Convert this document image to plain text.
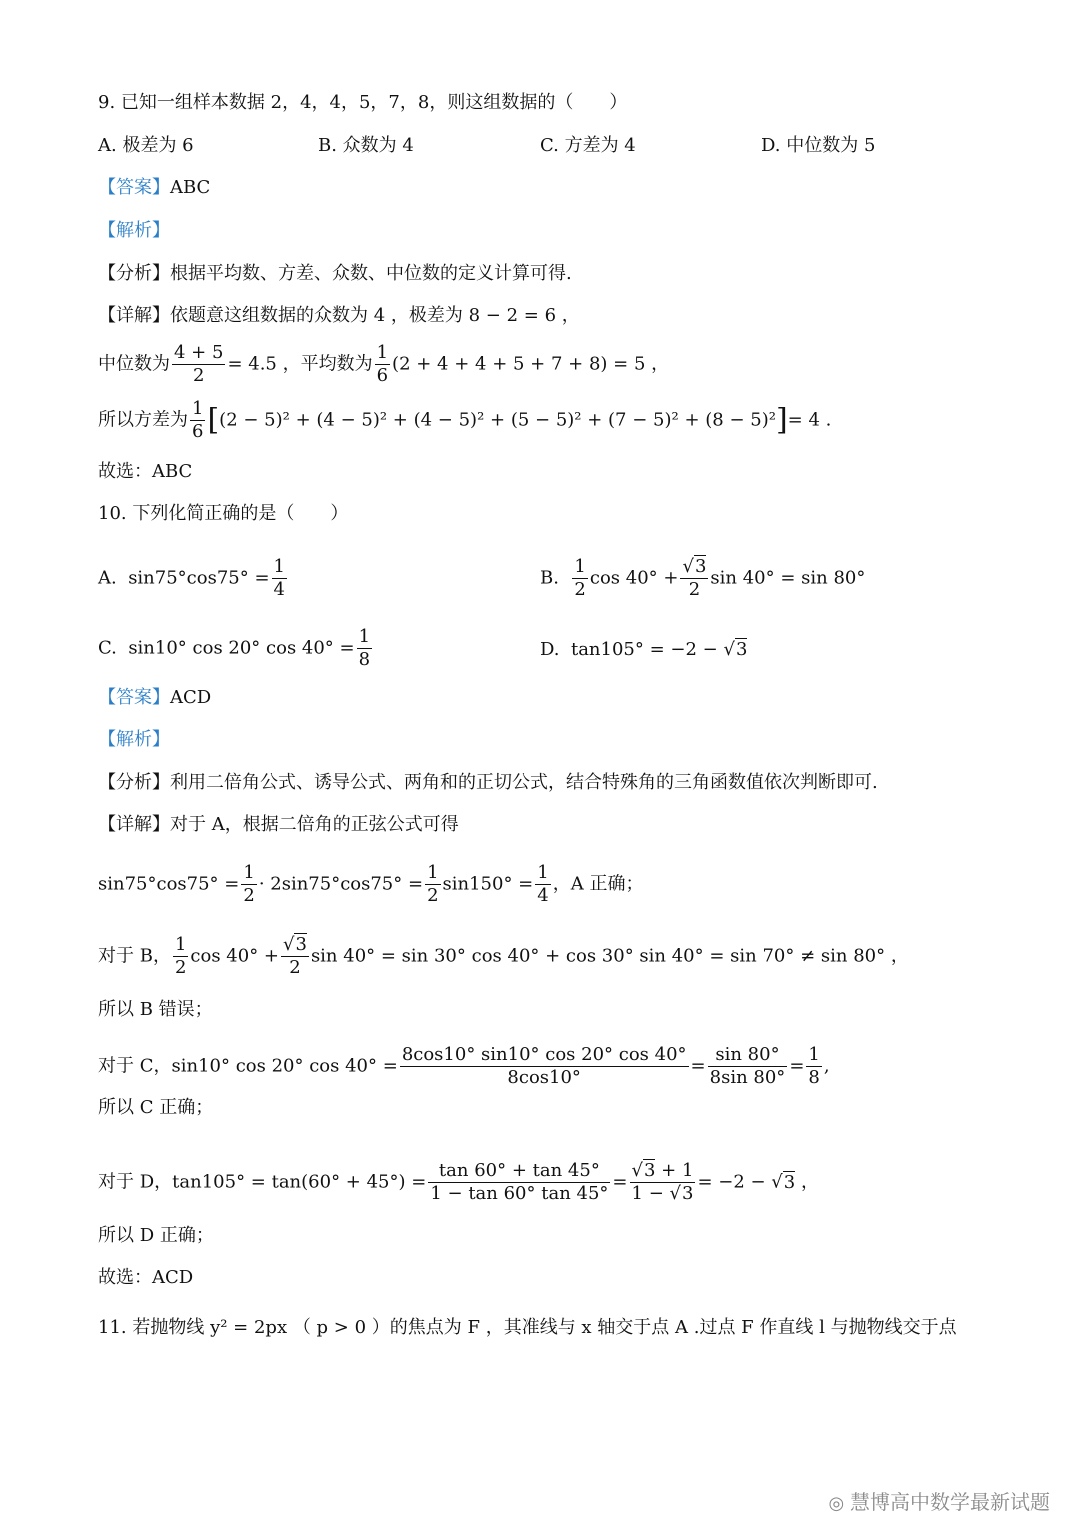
9. 已知一组样本数据 2，4，4，5，7，8，则这组数据的（　　）
A. 极差为 6	B. 众数为 4	C. 方差为 4	D. 中位数为 5
【答案】ABC
【解析】
【分析】根据平均数、方差、众数、中位数的定义计算可得.
【详解】依题意这组数据的众数为 4 ，极差为 8 − 2 = 6 ，
中位数为 $\frac{4 + 5}{2} = 4.5$ ，平均数为 $\frac{1}{6} (2 + 4 + 4 + 5 + 7 + 8) = 5$ ，
所以方差为 $\frac{1}{6} [(2 - 5)^2 + (4 - 5)^2 + (4 - 5)^2 + (5 - 5)^2 + (7 - 5)^2 + (8 - 5)^2]= 4$ .
故选：ABC
10. 下列化简正确的是（　　）
A. $\sin 75^\circ\cos 75^\circ = \frac{1}{4}$	B. $\frac{1}{2}$ $\cos 40^\circ + \frac{√3}{2}$ sin 40° = sin 80°
C. sin10° cos 20° $\cos 40^\circ = \frac{1}{8}$	D. tan105° = −2 − √3
【答案】ACD
【解析】
【分析】利用二倍角公式、诱导公式、两角和的正切公式，结合特殊角的三角函数值依次判断即可.
【详解】对于 A，根据二倍角的正弦公式可得
$\sin 75^\circ\cos 75^\circ = \frac{1}{2} \cdot 2\sin 75^\circ\cos 75^\circ = \frac{1}{2} \sin 150^\circ = \frac{1}{4}$ ，A 正确；
对于 B， $\frac{1}{2}$ $\cos 40^\circ + \frac{√3}{2}$ sin 40° = sin 30° cos 40° + cos 30° sin 40° = sin 70° ≠ sin 80° ，
所以 B 错误；
对于 C，sin10° cos 20° $\cos 40^\circ = \frac{8\cos 10^\circ \sin 10^\circ \cos 20^\circ \cos 40^\circ}{8\cos 10^\circ} = \frac{\sin 80^\circ}{8\sin 80^\circ} = \frac{1}{8}$ ,
所以 C 正确；
对于 D，$\tan 105^\circ = \tan(60^\circ + 45^\circ) = \frac{\tan 60^\circ + \tan 45^\circ}{1 - \tan 60^\circ \tan 45^\circ} = \frac{√3 + 1}{1 - √3} = -2 - √3$ ，
所以 D 正确；
故选：ACD
11. 若抛物线 y² = 2px （ p > 0 ）的焦点为 F ，其准线与 x 轴交于点 A .过点 F 作直线 l 与抛物线交于点
◎ 慧博高中数学最新试题
